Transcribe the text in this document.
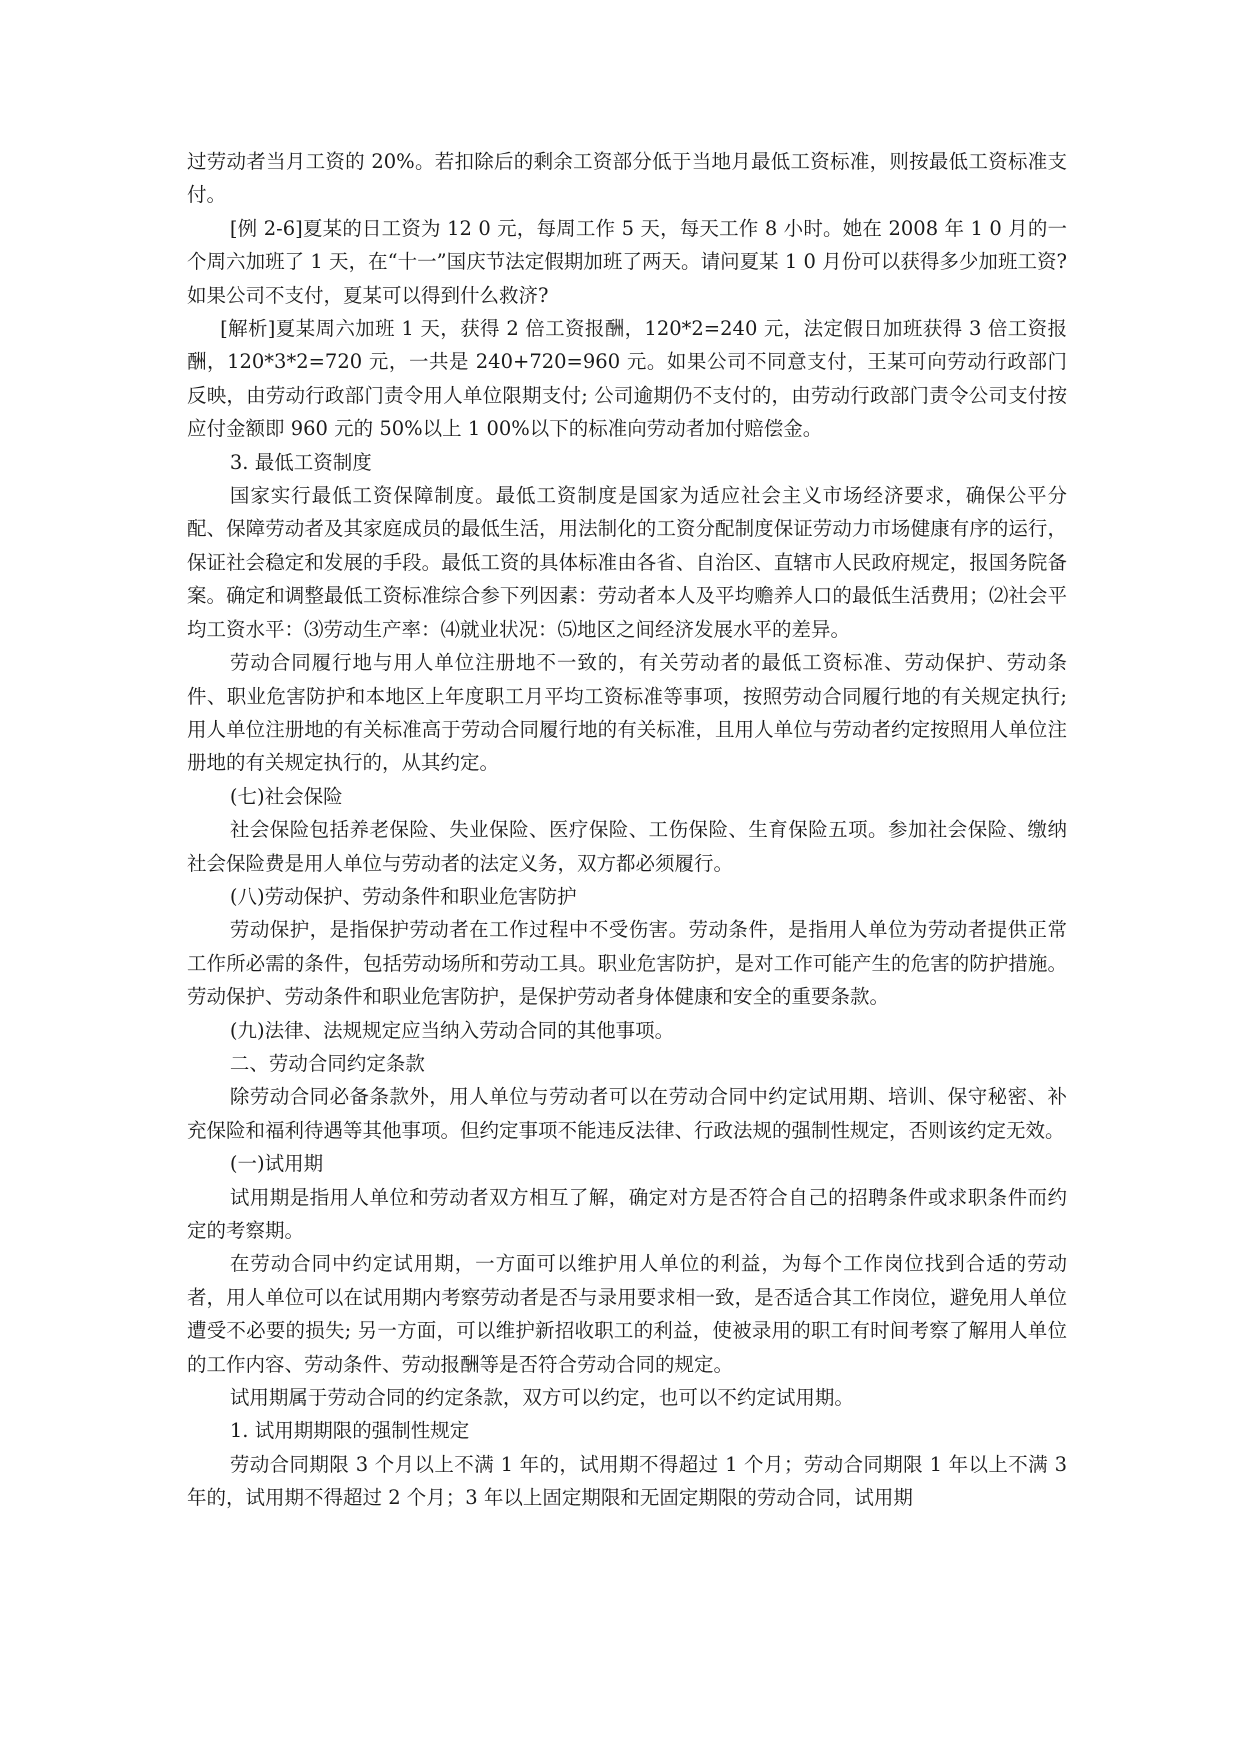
过劳动者当月工资的 20%。若扣除后的剩余工资部分低于当地月最低工资标准，则按最低工资标准支付。

[例 2-6]夏某的日工资为 12 0 元，每周工作 5 天，每天工作 8 小时。她在 2008 年 1 0 月的一个周六加班了 1 天，在“十一”国庆节法定假期加班了两天。请问夏某 1 0 月份可以获得多少加班工资?如果公司不支付，夏某可以得到什么救济?

[解析]夏某周六加班 1 天，获得 2 倍工资报酬，120*2=240 元，法定假日加班获得 3 倍工资报酬，120*3*2=720 元，一共是 240+720=960 元。如果公司不同意支付，王某可向劳动行政部门反映，由劳动行政部门责令用人单位限期支付; 公司逾期仍不支付的，由劳动行政部门责令公司支付按应付金额即 960 元的 50%以上 1 00%以下的标准向劳动者加付赔偿金。

3. 最低工资制度

国家实行最低工资保障制度。最低工资制度是国家为适应社会主义市场经济要求，确保公平分配、保障劳动者及其家庭成员的最低生活，用法制化的工资分配制度保证劳动力市场健康有序的运行，保证社会稳定和发展的手段。最低工资的具体标准由各省、自治区、直辖市人民政府规定，报国务院备案。确定和调整最低工资标准综合参下列因素：劳动者本人及平均赡养人口的最低生活费用；⑵社会平均工资水平：⑶劳动生产率：⑷就业状况：⑸地区之间经济发展水平的差异。

劳动合同履行地与用人单位注册地不一致的，有关劳动者的最低工资标准、劳动保护、劳动条件、职业危害防护和本地区上年度职工月平均工资标准等事项，按照劳动合同履行地的有关规定执行; 用人单位注册地的有关标准高于劳动合同履行地的有关标准，且用人单位与劳动者约定按照用人单位注册地的有关规定执行的，从其约定。

(七)社会保险

社会保险包括养老保险、失业保险、医疗保险、工伤保险、生育保险五项。参加社会保险、缴纳社会保险费是用人单位与劳动者的法定义务，双方都必须履行。

(八)劳动保护、劳动条件和职业危害防护

劳动保护，是指保护劳动者在工作过程中不受伤害。劳动条件，是指用人单位为劳动者提供正常工作所必需的条件，包括劳动场所和劳动工具。职业危害防护，是对工作可能产生的危害的防护措施。劳动保护、劳动条件和职业危害防护，是保护劳动者身体健康和安全的重要条款。

(九)法律、法规规定应当纳入劳动合同的其他事项。

二、劳动合同约定条款

除劳动合同必备条款外，用人单位与劳动者可以在劳动合同中约定试用期、培训、保守秘密、补充保险和福利待遇等其他事项。但约定事项不能违反法律、行政法规的强制性规定，否则该约定无效。

(一)试用期

试用期是指用人单位和劳动者双方相互了解，确定对方是否符合自己的招聘条件或求职条件而约定的考察期。

在劳动合同中约定试用期，一方面可以维护用人单位的利益，为每个工作岗位找到合适的劳动者，用人单位可以在试用期内考察劳动者是否与录用要求相一致，是否适合其工作岗位，避免用人单位遭受不必要的损失; 另一方面，可以维护新招收职工的利益，使被录用的职工有时间考察了解用人单位的工作内容、劳动条件、劳动报酬等是否符合劳动合同的规定。

试用期属于劳动合同的约定条款，双方可以约定，也可以不约定试用期。

1. 试用期期限的强制性规定

劳动合同期限 3 个月以上不满 1 年的，试用期不得超过 1 个月；劳动合同期限 1 年以上不满 3 年的，试用期不得超过 2 个月；3 年以上固定期限和无固定期限的劳动合同，试用期
